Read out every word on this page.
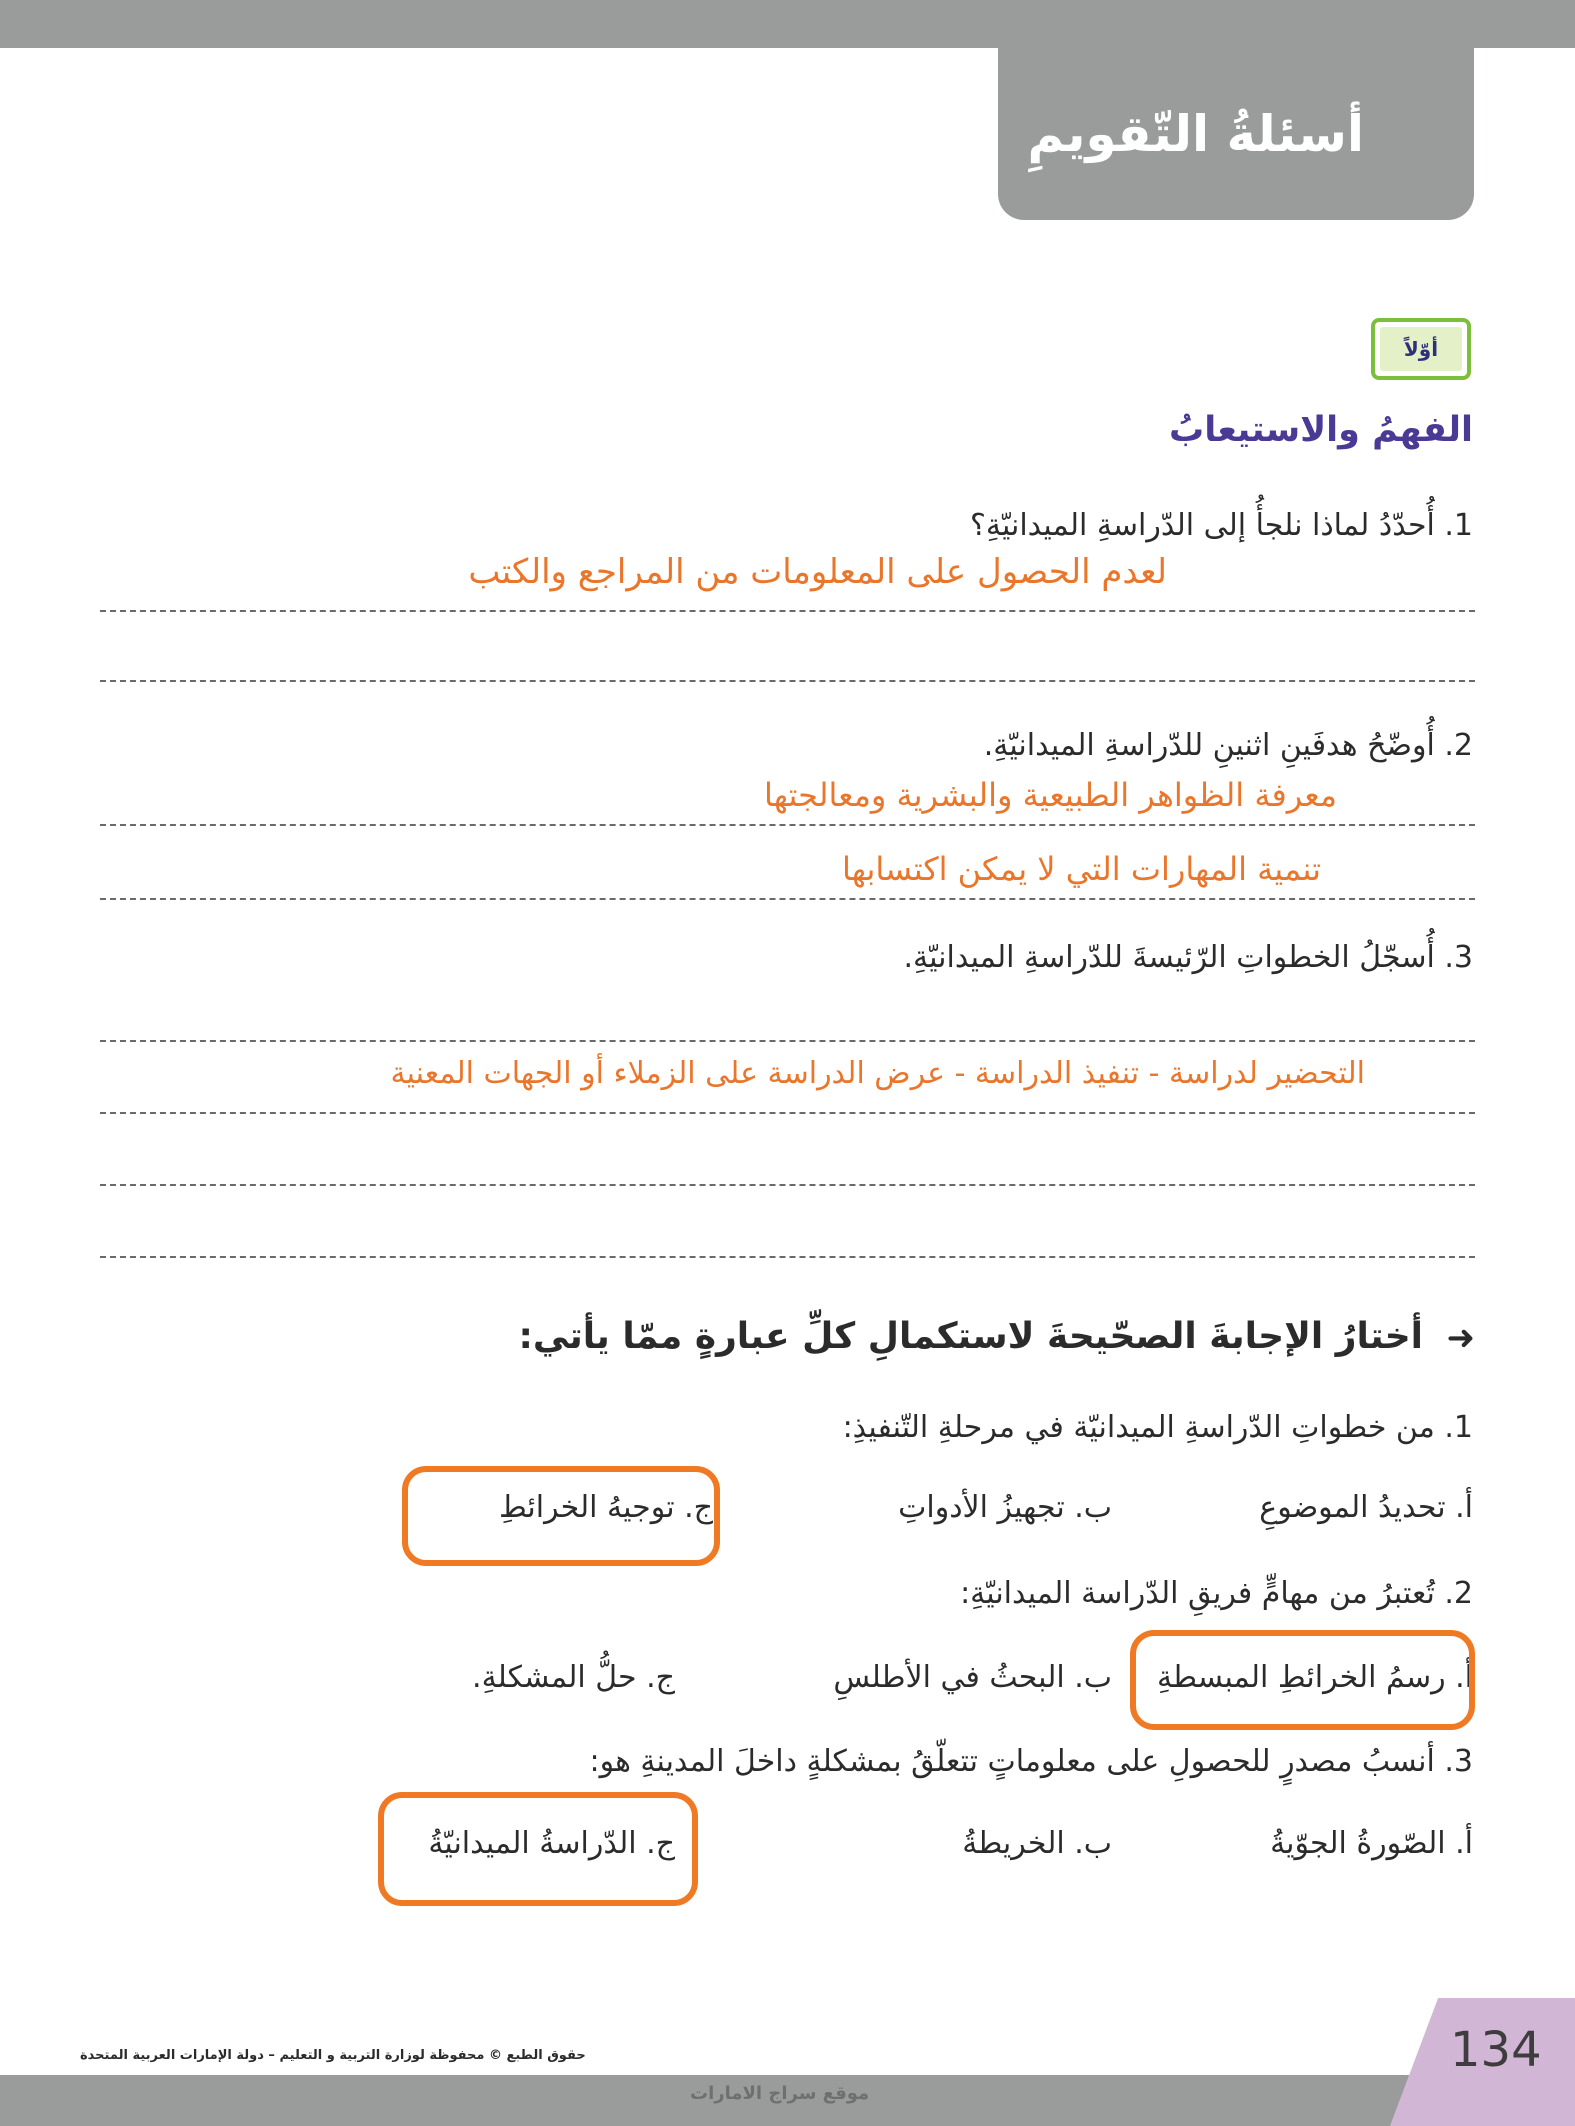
أسئلةُ التّقويمِ
أوّلاً
الفهمُ والاستيعابُ
1. أُحدّدُ لماذا نلجأُ إلى الدّراسةِ الميدانيّةِ؟
لعدم الحصول على المعلومات من المراجع والكتب
2. أُوضّحُ هدفَينِ اثنينِ للدّراسةِ الميدانيّةِ.
معرفة الظواهر الطبيعية والبشرية ومعالجتها
تنمية المهارات التي لا يمكن اكتسابها
3. أُسجّلُ الخطواتِ الرّئيسةَ للدّراسةِ الميدانيّةِ.
التحضير لدراسة - تنفيذ الدراسة - عرض الدراسة على الزملاء أو الجهات المعنية
➜
أختارُ الإجابةَ الصحّيحةَ لاستكمالِ كلِّ عبارةٍ ممّا يأتي:
1. من خطواتِ الدّراسةِ الميدانيّة في مرحلةِ التّنفيذِ:
أ. تحديدُ الموضوعِ
ب. تجهيزُ الأدواتِ
ج. توجيهُ الخرائطِ
2. تُعتبرُ من مهامٍّ فريقِ الدّراسة الميدانيّةِ:
أ. رسمُ الخرائطِ المبسطةِ
ب. البحثُ في الأطلسِ
ج. حلُّ المشكلةِ.
3. أنسبُ مصدرٍ للحصولِ على معلوماتٍ تتعلّقُ بمشكلةٍ داخلَ المدينةِ هو:
أ. الصّورةُ الجوّيةُ
ب. الخريطةُ
ج. الدّراسةُ الميدانيّةُ
حقوق الطبع © محفوظة لوزارة التربية و التعليم – دولة الإمارات العربية المتحدة
موقع سراج الامارات
134
